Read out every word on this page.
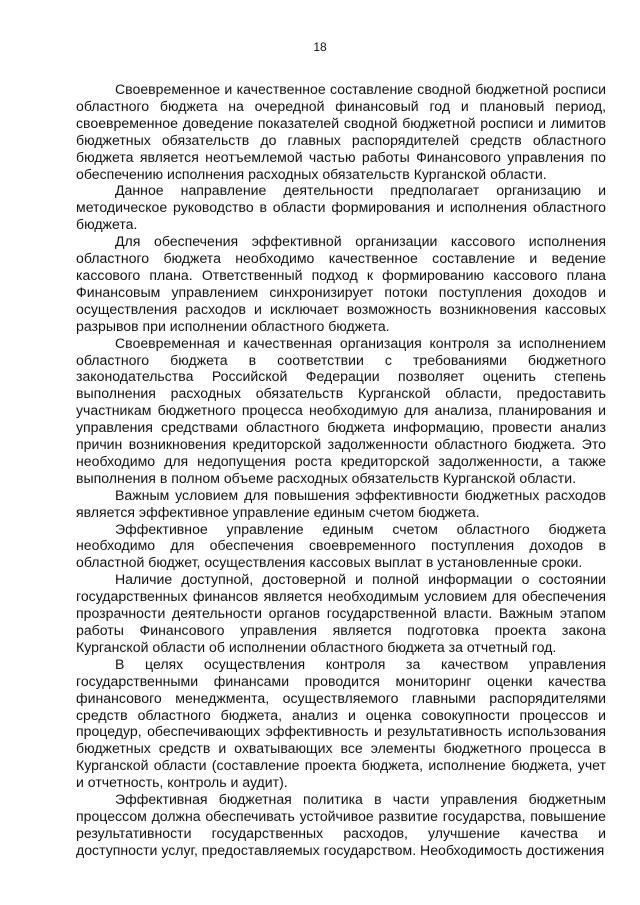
18

Своевременное и качественное составление сводной бюджетной росписи областного бюджета на очередной финансовый год и плановый период, своевременное доведение показателей сводной бюджетной росписи и лимитов бюджетных обязательств до главных распорядителей средств областного бюджета является неотъемлемой частью работы Финансового управления по обеспечению исполнения расходных обязательств Курганской области.

Данное направление деятельности предполагает организацию и методическое руководство в области формирования и исполнения областного бюджета.

Для обеспечения эффективной организации кассового исполнения областного бюджета необходимо качественное составление и ведение кассового плана. Ответственный подход к формированию кассового плана Финансовым управлением синхронизирует потоки поступления доходов и осуществления расходов и исключает возможность возникновения кассовых разрывов при исполнении областного бюджета.

Своевременная и качественная организация контроля за исполнением областного бюджета в соответствии с требованиями бюджетного законодательства Российской Федерации позволяет оценить степень выполнения расходных обязательств Курганской области, предоставить участникам бюджетного процесса необходимую для анализа, планирования и управления средствами областного бюджета информацию, провести анализ причин возникновения кредиторской задолженности областного бюджета. Это необходимо для недопущения роста кредиторской задолженности, а также выполнения в полном объеме расходных обязательств Курганской области.

Важным условием для повышения эффективности бюджетных расходов является эффективное управление единым счетом бюджета.

Эффективное управление единым счетом областного бюджета необходимо для обеспечения своевременного поступления доходов в областной бюджет, осуществления кассовых выплат в установленные сроки.

Наличие доступной, достоверной и полной информации о состоянии государственных финансов является необходимым условием для обеспечения прозрачности деятельности органов государственной власти. Важным этапом работы Финансового управления является подготовка проекта закона Курганской области об исполнении областного бюджета за отчетный год.

В целях осуществления контроля за качеством управления государственными финансами проводится мониторинг оценки качества финансового менеджмента, осуществляемого главными распорядителями средств областного бюджета, анализ и оценка совокупности процессов и процедур, обеспечивающих эффективность и результативность использования бюджетных средств и охватывающих все элементы бюджетного процесса в Курганской области (составление проекта бюджета, исполнение бюджета, учет и отчетность, контроль и аудит).

Эффективная бюджетная политика в части управления бюджетным процессом должна обеспечивать устойчивое развитие государства, повышение результативности государственных расходов, улучшение качества и доступности услуг, предоставляемых государством. Необходимость достижения
